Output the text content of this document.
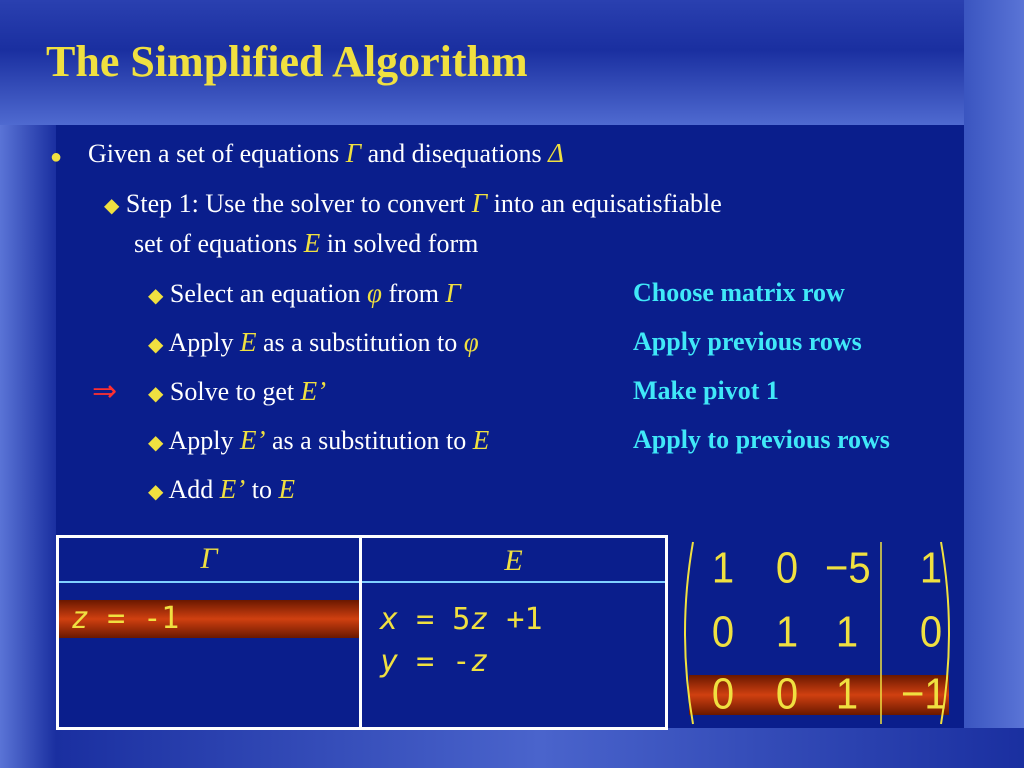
The Simplified Algorithm
● Given a set of equations Γ and disequations Δ
◆ Step 1: Use the solver to convert Γ into an equisatisfiable
set of equations E in solved form
◆ Select an equation φ from Γ
◆ Apply E as a substitution to φ
⇒ ◆ Solve to get E’
◆ Apply E’ as a substitution to E
◆ Add E’ to E
Choose matrix row
Apply previous rows
Make pivot 1
Apply to previous rows
Γ
z = -1
E
x = 5z +1
y = -z
1 0 −5 1
0 1 1 0
0 0 1 −1
